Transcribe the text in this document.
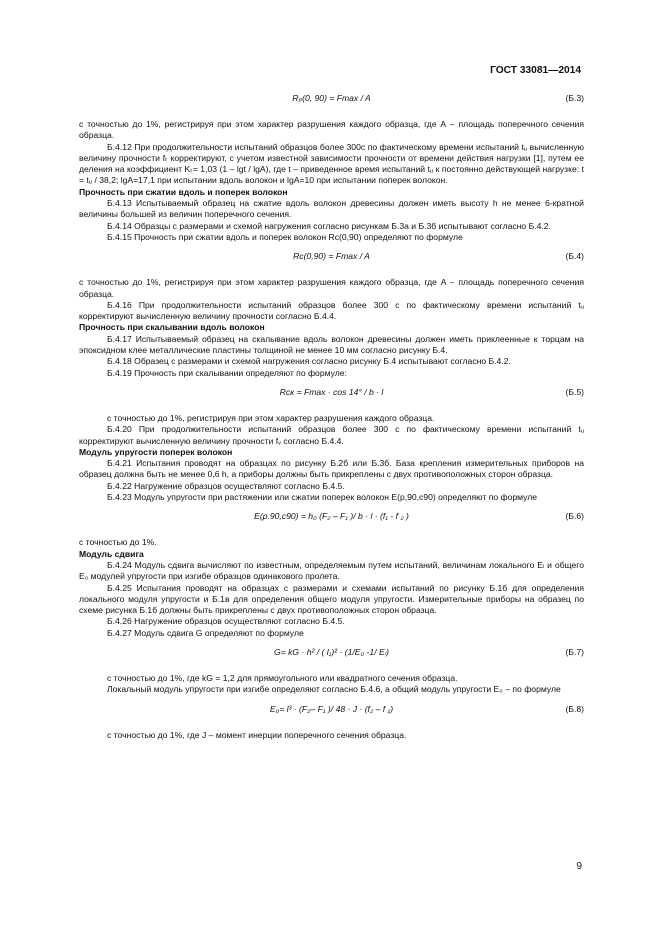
ГОСТ 33081—2014
Rₚ(0, 90) = Fmax / A	(Б.3)

с точностью до 1%, регистрируя при этом характер разрушения каждого образца, где А – площадь поперечного сечения образца.

Б.4.12 При продолжительности испытаний образцов более 300с по фактическому времени испытаний tᵤ вычисленную величину прочности fₜ корректируют, с учетом известной зависимости прочности от времени действия нагрузки [1], путем ее деления на коэффициент Kₜ= 1,03 (1 – lgt / lgA), где t – приведенное время испытаний tᵤ к постоянно действующей нагрузке: t = tᵤ / 38,2; lgA=17,1 при испытании вдоль волокон и lgA=10 при испытании поперек волокон.

Прочность при сжатии вдоль и поперек волокон

Б.4.13 Испытываемый образец на сжатие вдоль волокон древесины должен иметь высоту h не менее 6-кратной величины большей из величин поперечного сечения.

Б.4.14 Образцы с размерами и схемой нагружения согласно рисункам Б.3а и Б.3б испытывают согласно Б.4.2.

Б.4.15 Прочность при сжатии вдоль и поперек волокон Rc(0,90) определяют по формуле

Rc(0,90) = Fmax / A	(Б.4)

с точностью до 1%, регистрируя при этом характер разрушения каждого образца, где A – площадь поперечного сечения образца.

Б.4.16 При продолжительности испытаний образцов более 300 с по фактическому времени испытаний tᵤ корректируют вычисленную величину прочности согласно Б.4.4.

Прочность при скалывании вдоль волокон

Б.4.17 Испытываемый образец на скалывание вдоль волокон древесины должен иметь приклеенные к торцам на эпоксидном клее металлические пластины толщиной не менее 10 мм согласно рисунку Б.4.

Б.4.18 Образец с размерами и схемой нагружения согласно рисунку Б.4 испытывают согласно Б.4.2.

Б.4.19 Прочность при скалывании определяют по формуле:

Rcк = Fmax · cos 14° / b · l	(Б.5)

с точностью до 1%, регистрируя при этом характер разрушения каждого образца.

Б.4.20 При продолжительности испытаний образцов более 300 с по фактическому времени испытаний tᵤ корректируют вычисленную величину прочности fᵥ согласно Б.4.4.

Модуль упругости поперек волокон

Б.4.21 Испытания проводят на образцах по рисунку Б.2б или Б.3б. База крепления измерительных приборов на образец должна быть не менее 0,6 h, а приборы должны быть прикреплены с двух противоположных сторон образца.

Б.4.22 Нагружение образцов осуществляют согласно Б.4.5.

Б.4.23 Модуль упругости при растяжении или сжатии поперек волокон E(p,90,c90) определяют по формуле

E(p.90,c90) = h₀ (F₂ – F₁ )/ b · l · (f₁ - f ₂ )	(Б.6)

с точностью до 1%.

Модуль сдвига

Б.4.24 Модуль сдвига вычисляют по известным, определяемым путем испытаний, величинам локального Eₗ и общего E₀ модулей упругости при изгибе образцов одинакового пролета.

Б.4.25 Испытания проводят на образцах с размерами и схемами испытаний по рисунку Б.1б для определения локального модуля упругости и Б.1в для определения общего модуля упругости. Измерительные приборы на образец по схеме рисунка Б.1б должны быть прикреплены с двух противоположных сторон образца.

Б.4.26 Нагружение образцов осуществляют согласно Б.4.5.

Б.4.27 Модуль сдвига G определяют по формуле

G= kG · h² / ( l₁)² · (1/E₀ -1/ Eₗ)	(Б.7)

с точностью до 1%, где kG = 1,2 для прямоугольного или квадратного сечения образца.

Локальный модуль упругости при изгибе определяют согласно Б.4.6, а общий модуль упругости E₀ – по формуле

E₀= l³ · (F₂– F₁ )/ 48 · J · (f₂ – f ₁)	(Б.8)

с точностью до 1%, где J – момент инерции поперечного сечения образца.

9
